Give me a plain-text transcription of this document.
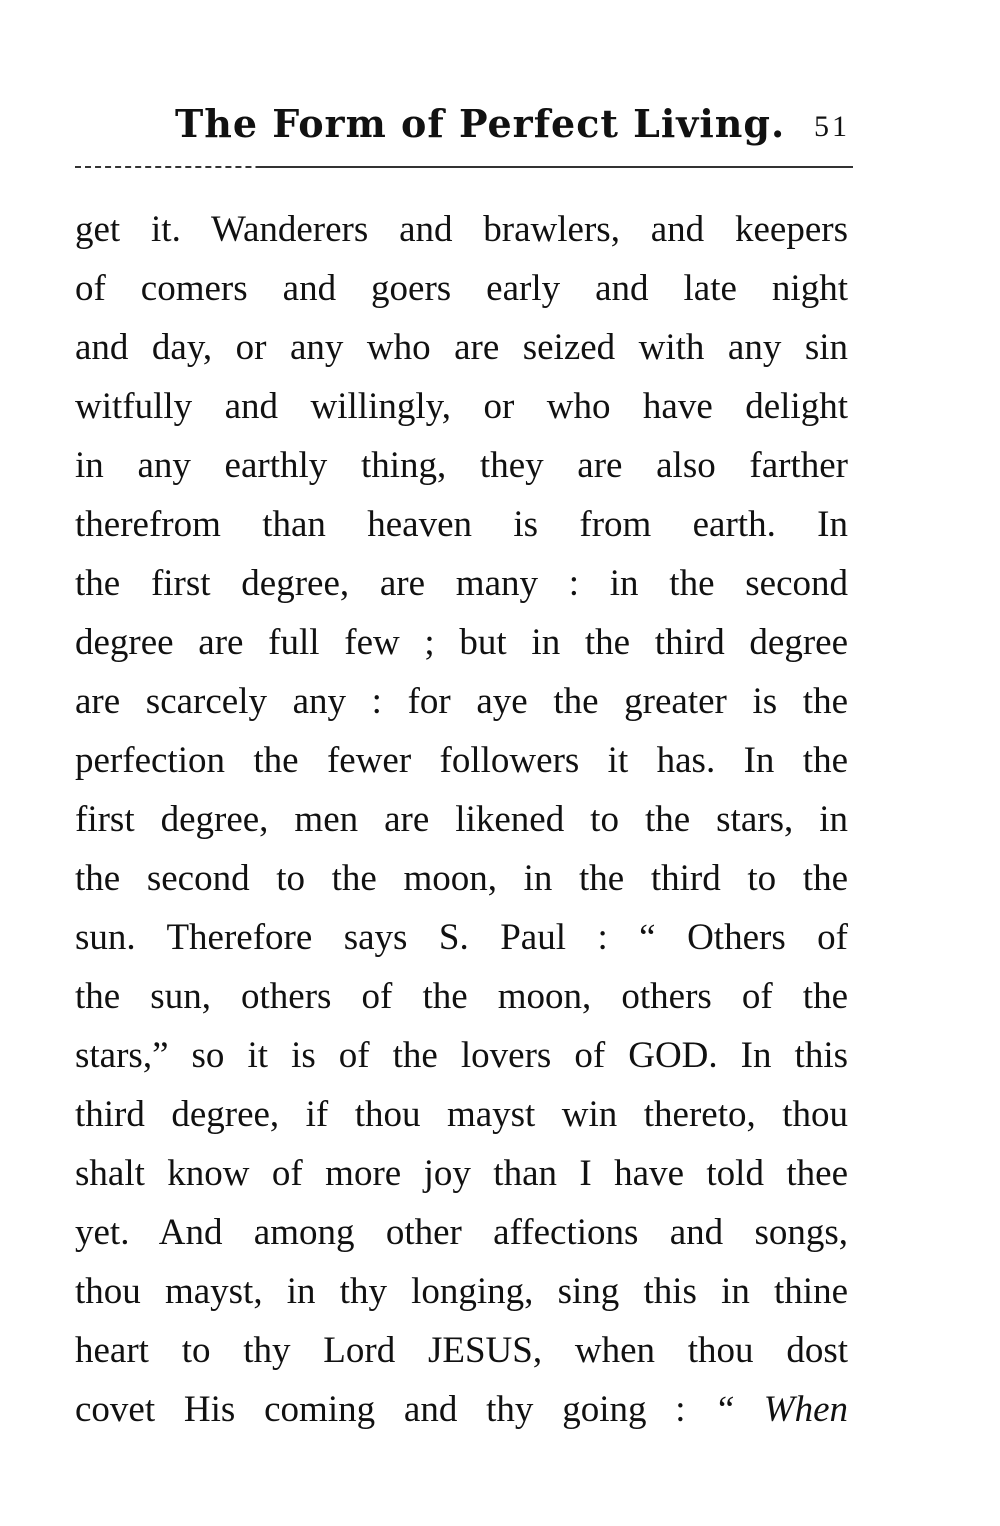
The Form of Perfect Living. 51
get it. Wanderers and brawlers, and keepers
of comers and goers early and late night
and day, or any who are seized with any sin
witfully and willingly, or who have delight
in any earthly thing, they are also farther
therefrom than heaven is from earth. In
the first degree, are many : in the second
degree are full few ; but in the third degree
are scarcely any : for aye the greater is the
perfection the fewer followers it has. In the
first degree, men are likened to the stars, in
the second to the moon, in the third to the
sun. Therefore says S. Paul : “ Others of
the sun, others of the moon, others of the
stars,” so it is of the lovers of GOD. In this
third degree, if thou mayst win thereto, thou
shalt know of more joy than I have told thee
yet. And among other affections and songs,
thou mayst, in thy longing, sing this in thine
heart to thy Lord JESUS, when thou dost
covet His coming and thy going : “ When
